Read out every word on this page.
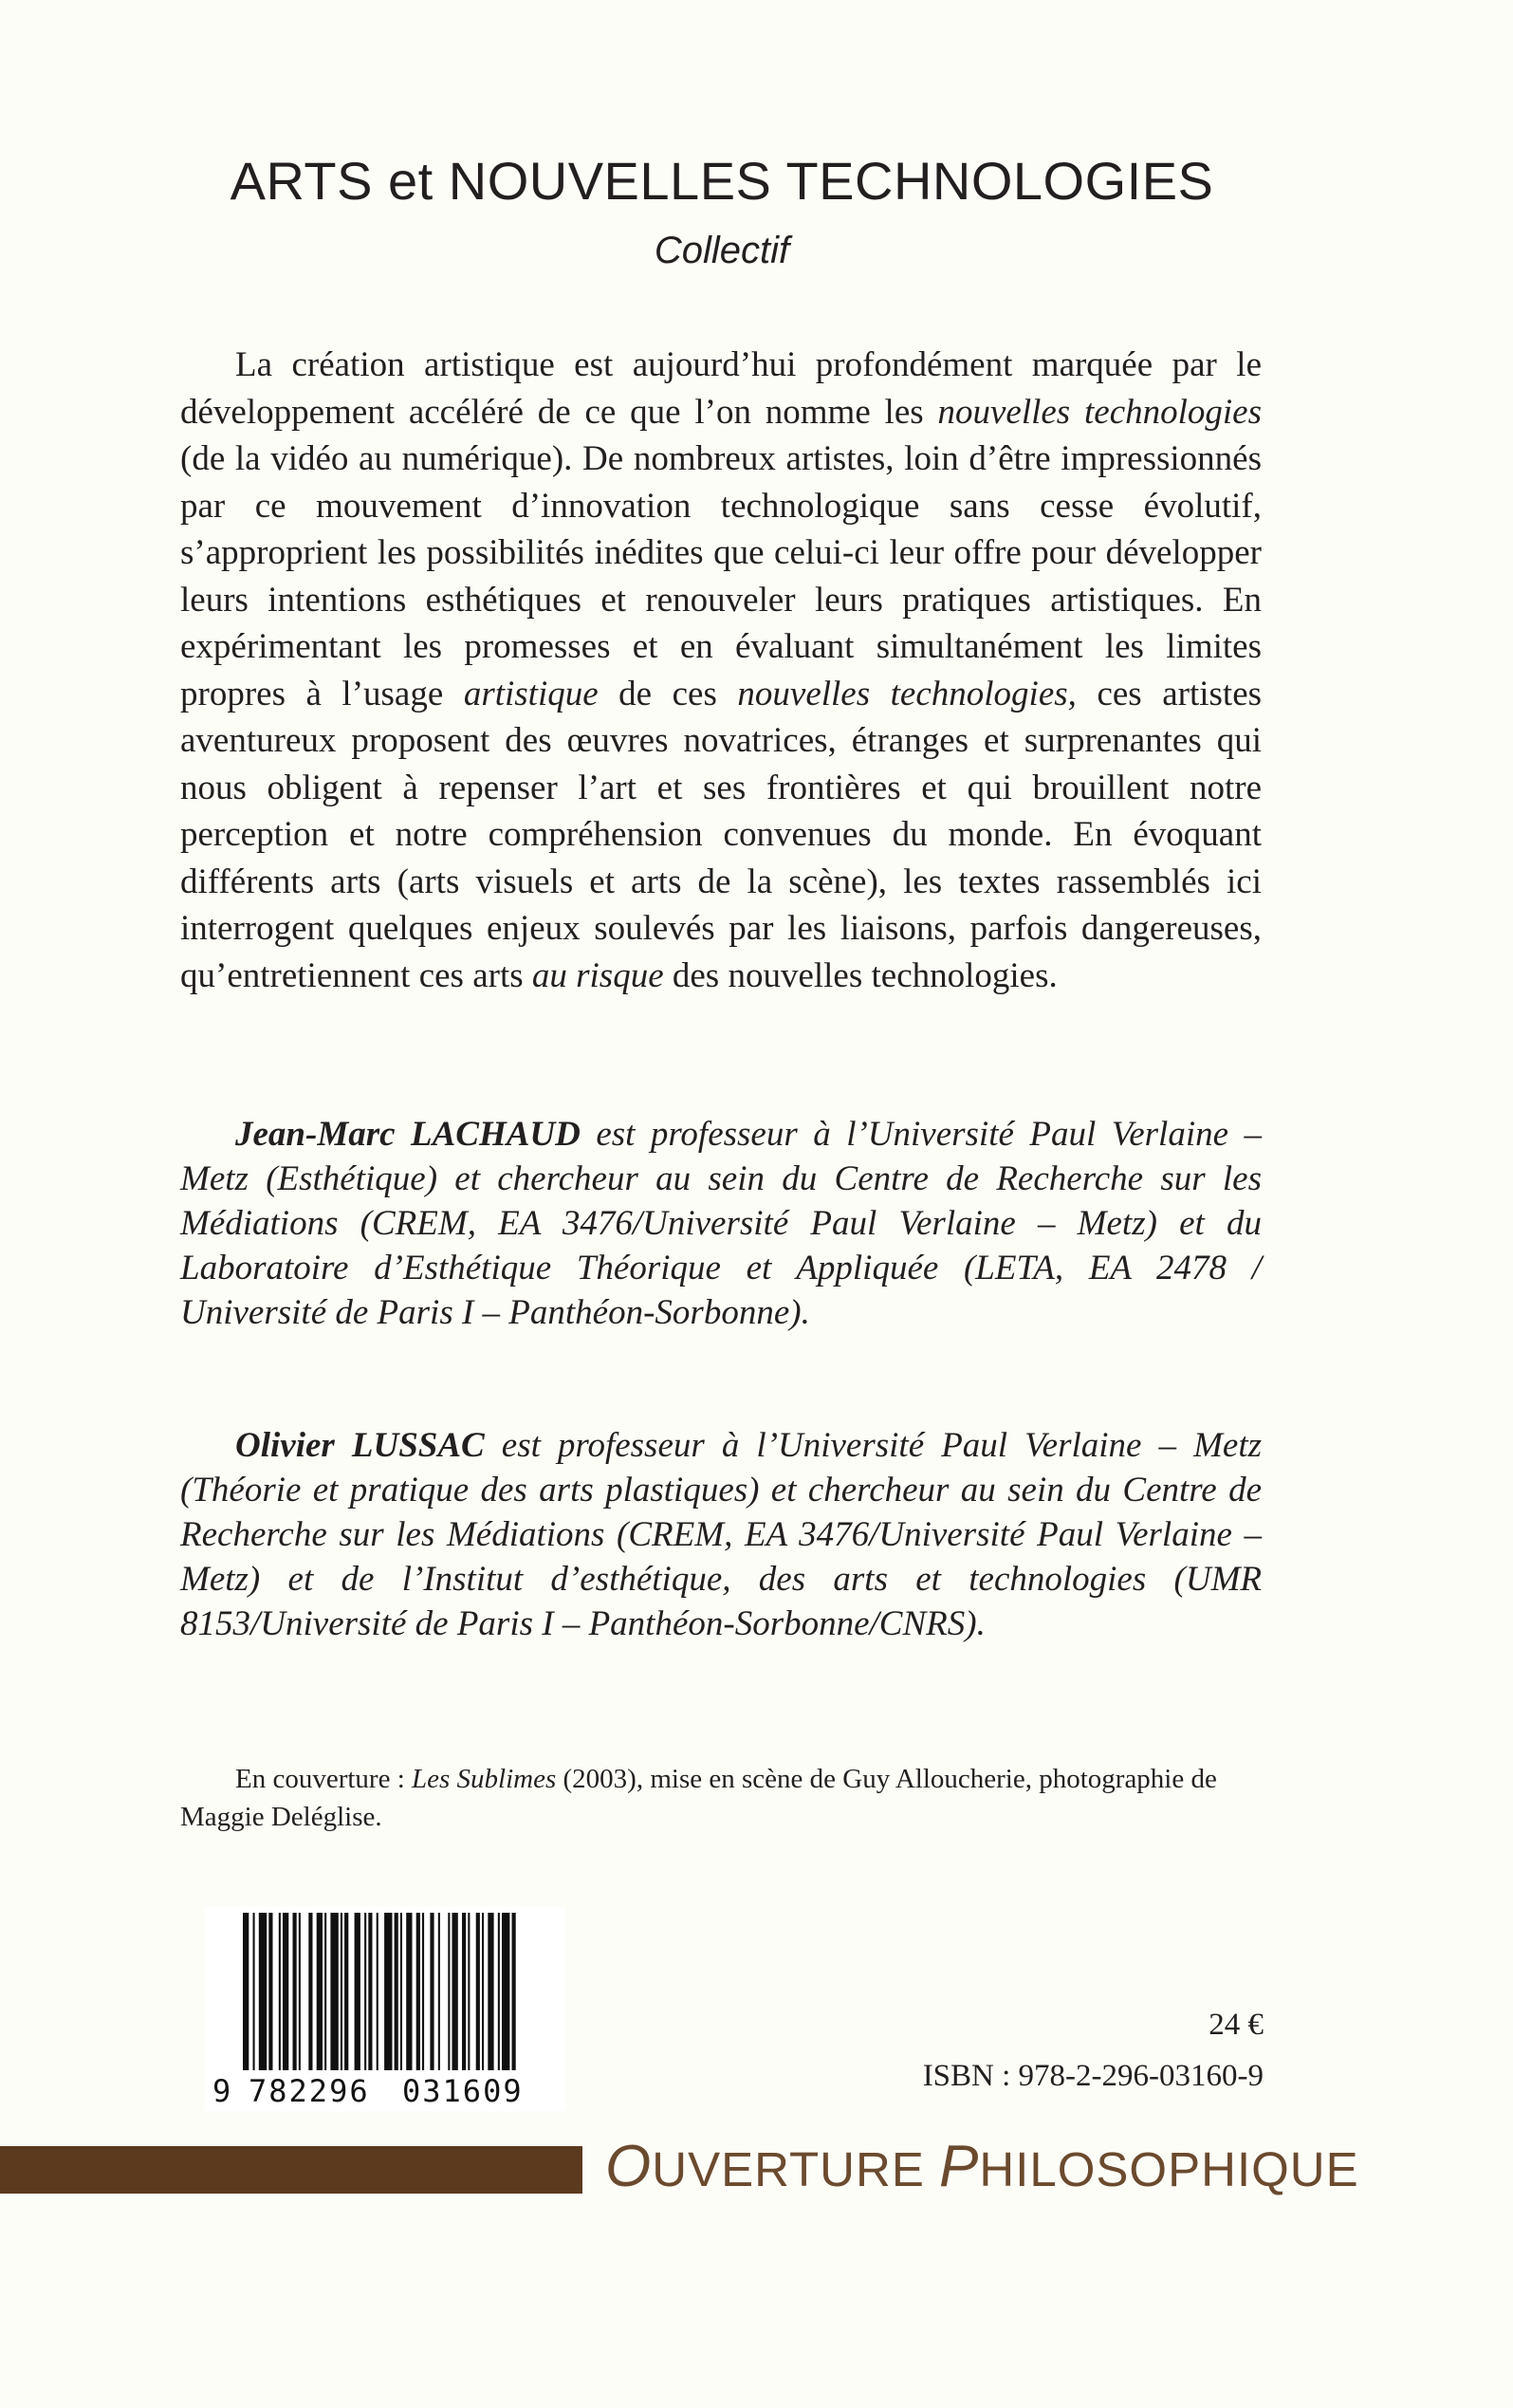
ARTS et NOUVELLES TECHNOLOGIES
Collectif

La création artistique est aujourd’hui profondément marquée par le développement accéléré de ce que l’on nomme les nouvelles technologies (de la vidéo au numérique). De nombreux artistes, loin d’être impressionnés par ce mouvement d’innovation technologique sans cesse évolutif, s’approprient les possibilités inédites que celui-ci leur offre pour développer leurs intentions esthétiques et renouveler leurs pratiques artistiques. En expérimentant les promesses et en évaluant simultanément les limites propres à l’usage artistique de ces nouvelles technologies, ces artistes aventureux proposent des œuvres novatrices, étranges et surprenantes qui nous obligent à repenser l’art et ses frontières et qui brouillent notre perception et notre compréhension convenues du monde. En évoquant différents arts (arts visuels et arts de la scène), les textes rassemblés ici interrogent quelques enjeux soulevés par les liaisons, parfois dangereuses, qu’entretiennent ces arts au risque des nouvelles technologies.

Jean-Marc LACHAUD est professeur à l’Université Paul Verlaine – Metz (Esthétique) et chercheur au sein du Centre de Recherche sur les Médiations (CREM, EA 3476/Université Paul Verlaine – Metz) et du Laboratoire d’Esthétique Théorique et Appliquée (LETA, EA 2478 / Université de Paris I – Panthéon-Sorbonne).

Olivier LUSSAC est professeur à l’Université Paul Verlaine – Metz (Théorie et pratique des arts plastiques) et chercheur au sein du Centre de Recherche sur les Médiations (CREM, EA 3476/Université Paul Verlaine – Metz) et de l’Institut d’esthétique, des arts et technologies (UMR 8153/Université de Paris I – Panthéon-Sorbonne/CNRS).

En couverture : Les Sublimes (2003), mise en scène de Guy Alloucherie, photographie de Maggie Deléglise.

9 782296 031609
24 €
ISBN : 978-2-296-03160-9
OUVERTURE PHILOSOPHIQUE
